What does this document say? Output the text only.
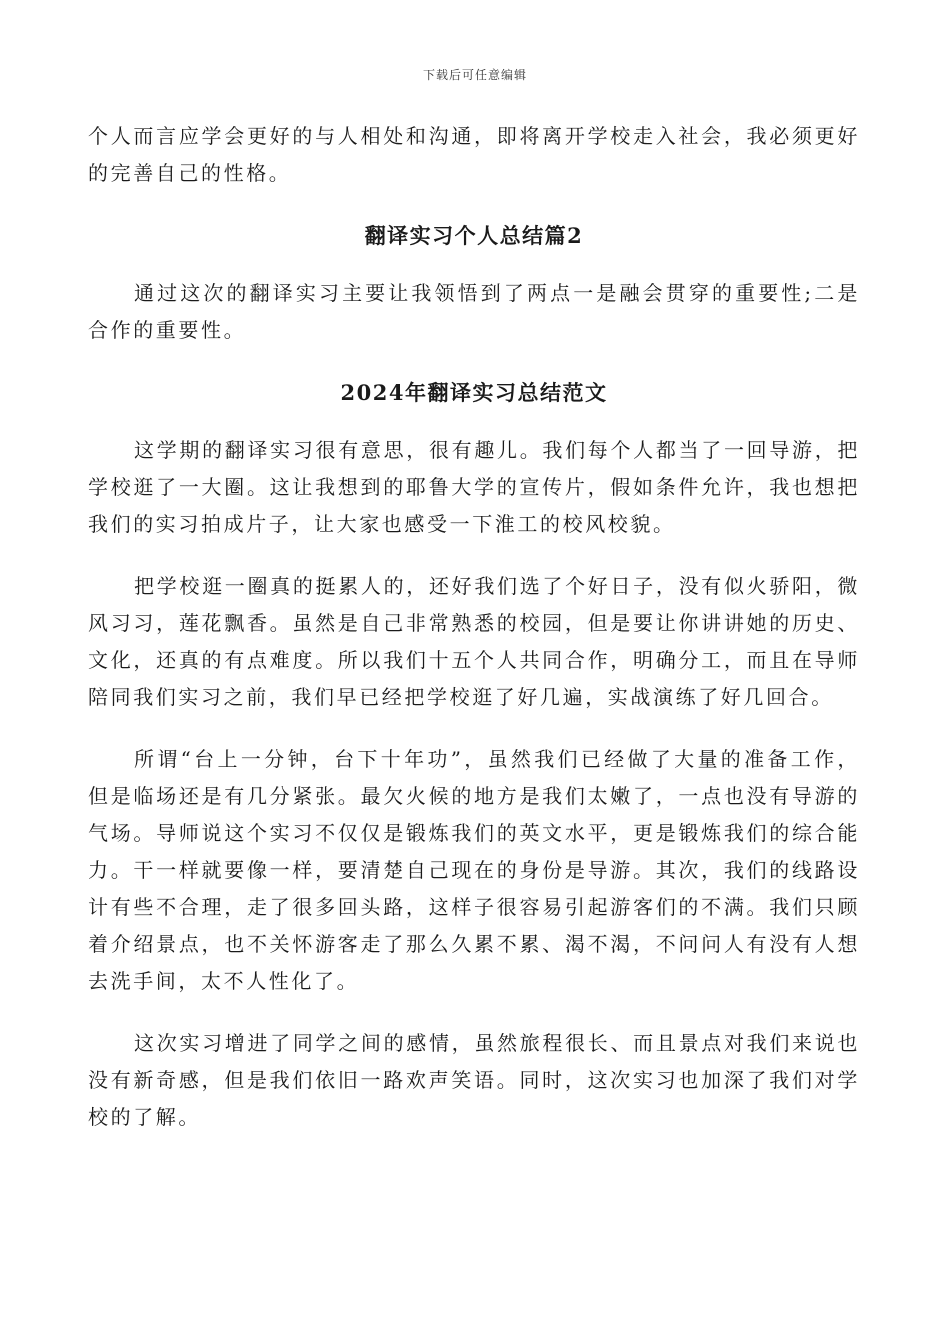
下载后可任意编辑

个人而言应学会更好的与人相处和沟通，即将离开学校走入社会，我必须更好的完善自己的性格。

翻译实习个人总结篇2

通过这次的翻译实习主要让我领悟到了两点一是融会贯穿的重要性;二是合作的重要性。

2024年翻译实习总结范文

这学期的翻译实习很有意思，很有趣儿。我们每个人都当了一回导游，把学校逛了一大圈。这让我想到的耶鲁大学的宣传片，假如条件允许，我也想把我们的实习拍成片子，让大家也感受一下淮工的校风校貌。

把学校逛一圈真的挺累人的，还好我们选了个好日子，没有似火骄阳，微风习习，莲花飘香。虽然是自己非常熟悉的校园，但是要让你讲讲她的历史、文化，还真的有点难度。所以我们十五个人共同合作，明确分工，而且在导师陪同我们实习之前，我们早已经把学校逛了好几遍，实战演练了好几回合。

所谓“台上一分钟，台下十年功”，虽然我们已经做了大量的准备工作，但是临场还是有几分紧张。最欠火候的地方是我们太嫩了，一点也没有导游的气场。导师说这个实习不仅仅是锻炼我们的英文水平，更是锻炼我们的综合能力。干一样就要像一样，要清楚自己现在的身份是导游。其次，我们的线路设计有些不合理，走了很多回头路，这样子很容易引起游客们的不满。我们只顾着介绍景点，也不关怀游客走了那么久累不累、渴不渴，不问问人有没有人想去洗手间，太不人性化了。

这次实习增进了同学之间的感情，虽然旅程很长、而且景点对我们来说也没有新奇感，但是我们依旧一路欢声笑语。同时，这次实习也加深了我们对学校的了解。
